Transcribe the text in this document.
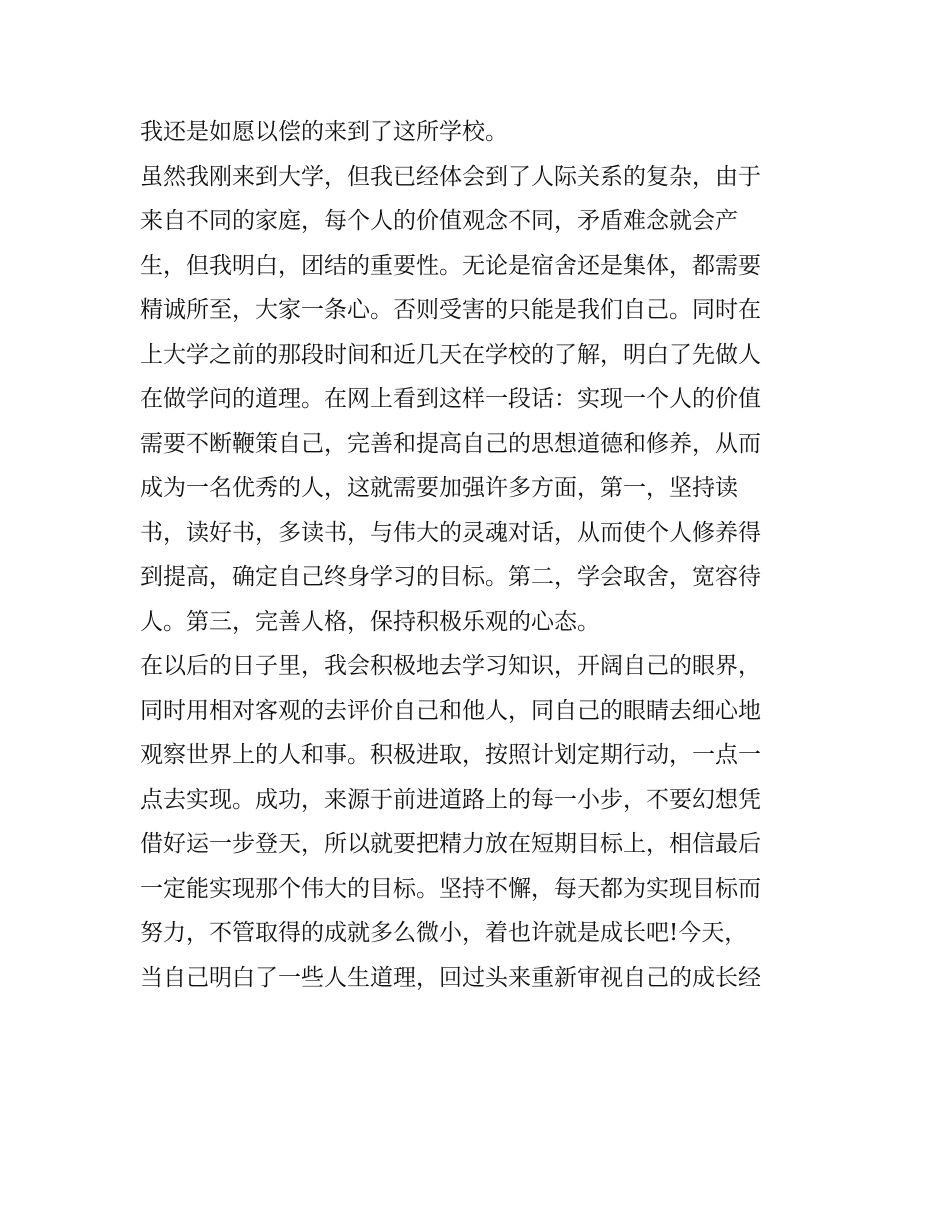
我还是如愿以偿的来到了这所学校。
虽然我刚来到大学，但我已经体会到了人际关系的复杂，由于
来自不同的家庭，每个人的价值观念不同，矛盾难念就会产
生，但我明白，团结的重要性。无论是宿舍还是集体，都需要
精诚所至，大家一条心。否则受害的只能是我们自己。同时在
上大学之前的那段时间和近几天在学校的了解，明白了先做人
在做学问的道理。在网上看到这样一段话：实现一个人的价值
需要不断鞭策自己，完善和提高自己的思想道德和修养，从而
成为一名优秀的人，这就需要加强许多方面，第一，坚持读
书，读好书，多读书，与伟大的灵魂对话，从而使个人修养得
到提高，确定自己终身学习的目标。第二，学会取舍，宽容待
人。第三，完善人格，保持积极乐观的心态。
在以后的日子里，我会积极地去学习知识，开阔自己的眼界，
同时用相对客观的去评价自己和他人，同自己的眼睛去细心地
观察世界上的人和事。积极进取，按照计划定期行动，一点一
点去实现。成功，来源于前进道路上的每一小步，不要幻想凭
借好运一步登天，所以就要把精力放在短期目标上，相信最后
一定能实现那个伟大的目标。坚持不懈，每天都为实现目标而
努力，不管取得的成就多么微小，着也许就是成长吧!今天，
当自己明白了一些人生道理，回过头来重新审视自己的成长经
